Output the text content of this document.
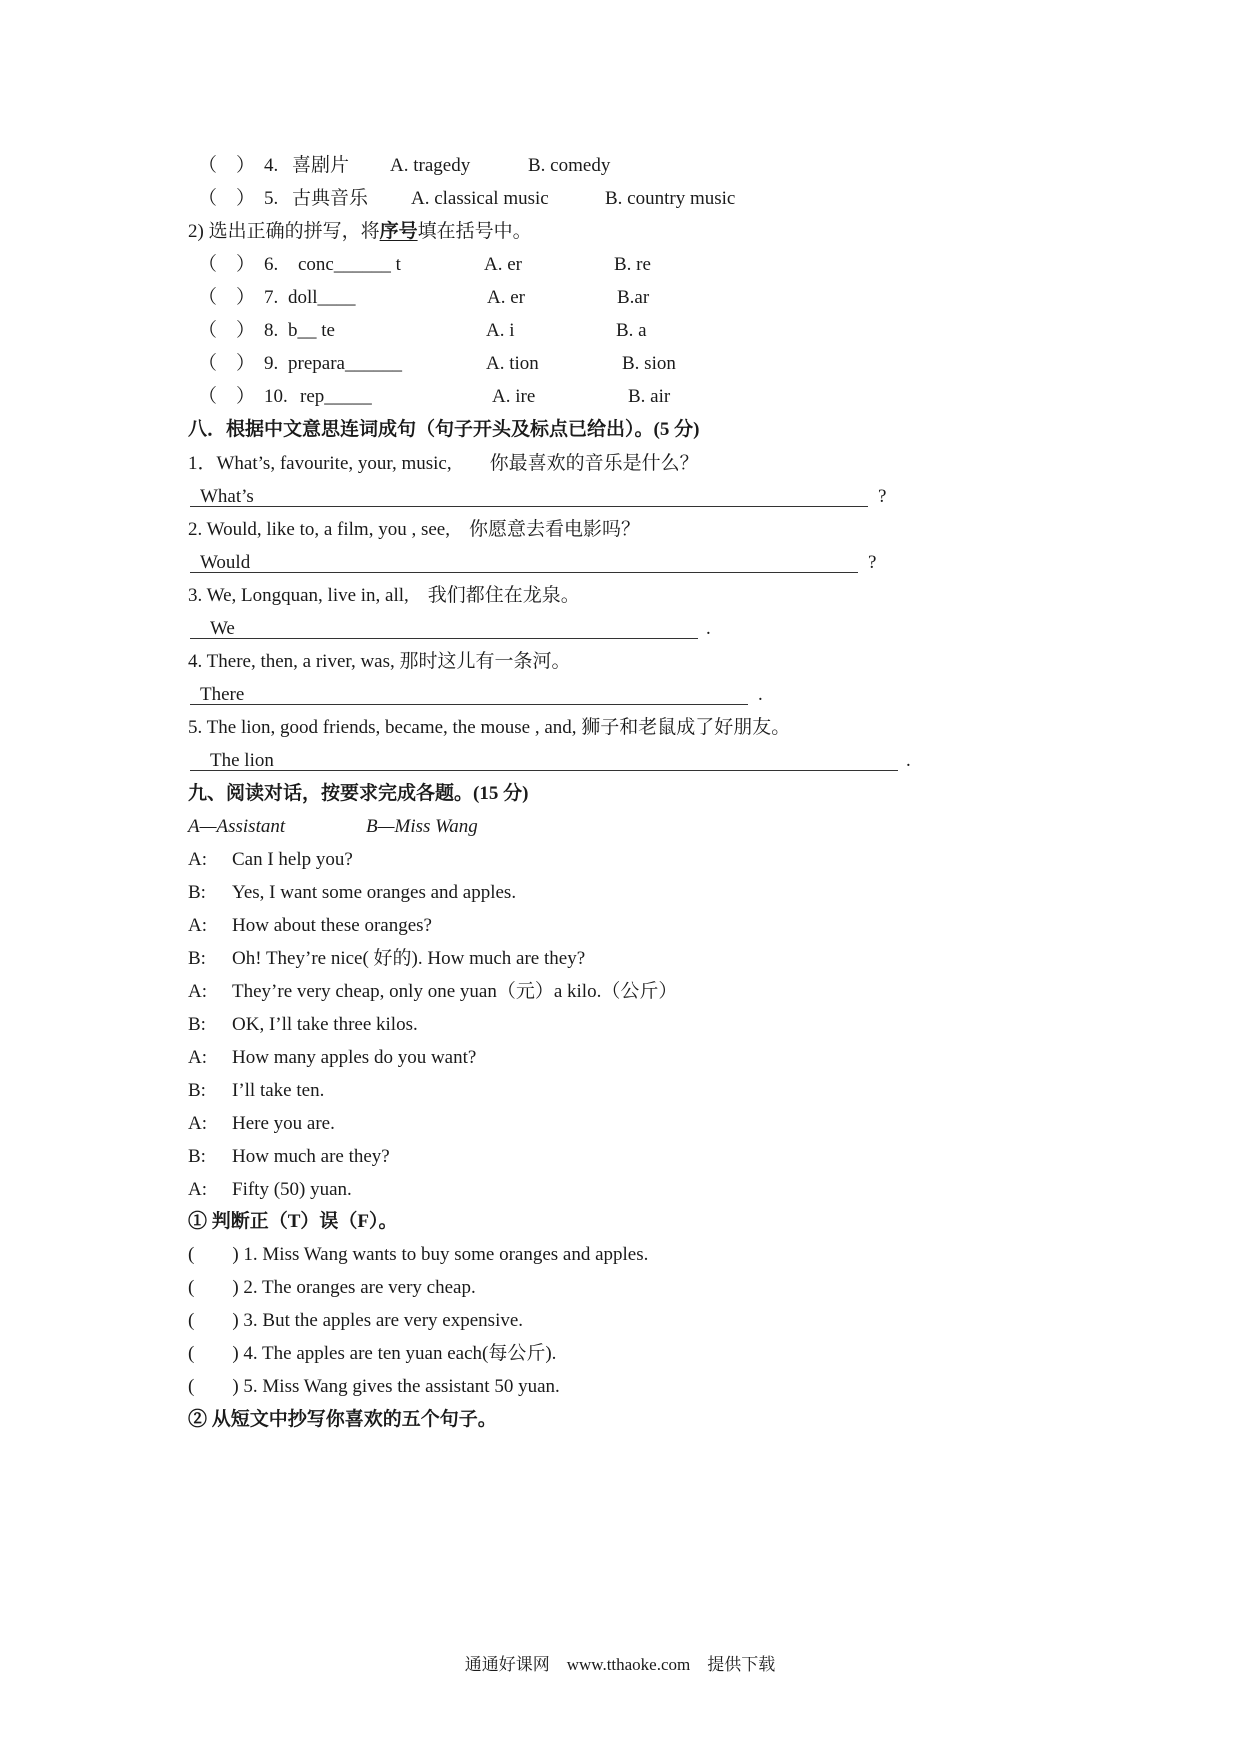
（　） 4. 喜剧片 A. tragedy	B. comedy
（　） 5. 古典音乐 A. classical music	B. country music
2) 选出正确的拼写，将序号填在括号中。
（　） 6. conc______ t	A. er	B. re
（　） 7. doll____	A. er	B.ar
（　） 8. b__ te	A. i	B. a
（　） 9. prepara______	A. tion	B. sion
（　） 10. rep_____	A. ire	B. air
八．根据中文意思连词成句（句子开头及标点已给出）。(5 分)
1．What’s, favourite, your, music,　　你最喜欢的音乐是什么？
What’s	?
2. Would, like to, a film, you , see,　你愿意去看电影吗？
Would	?
3. We, Longquan, live in, all,　我们都住在龙泉。
We	.
4. There, then, a river, was, 那时这儿有一条河。
There	.
5. The lion, good friends, became, the mouse , and, 狮子和老鼠成了好朋友。
The lion	.
九、阅读对话，按要求完成各题。(15 分)
A—Assistant	B—Miss Wang
A: Can I help you?
B: Yes, I want some oranges and apples.
A: How about these oranges?
B: Oh! They’re nice( 好的). How much are they?
A: They’re very cheap, only one yuan（元）a kilo.（公斤）
B: OK, I’ll take three kilos.
A: How many apples do you want?
B: I’ll take ten.
A: Here you are.
B: How much are they?
A: Fifty (50) yuan.
① 判断正（T）误（F）。
(　　) 1. Miss Wang wants to buy some oranges and apples.
(　　) 2. The oranges are very cheap.
(　　) 3. But the apples are very expensive.
(　　) 4. The apples are ten yuan each(每公斤).
(　　) 5. Miss Wang gives the assistant 50 yuan.
② 从短文中抄写你喜欢的五个句子。
通通好课网　www.tthaoke.com　提供下载
